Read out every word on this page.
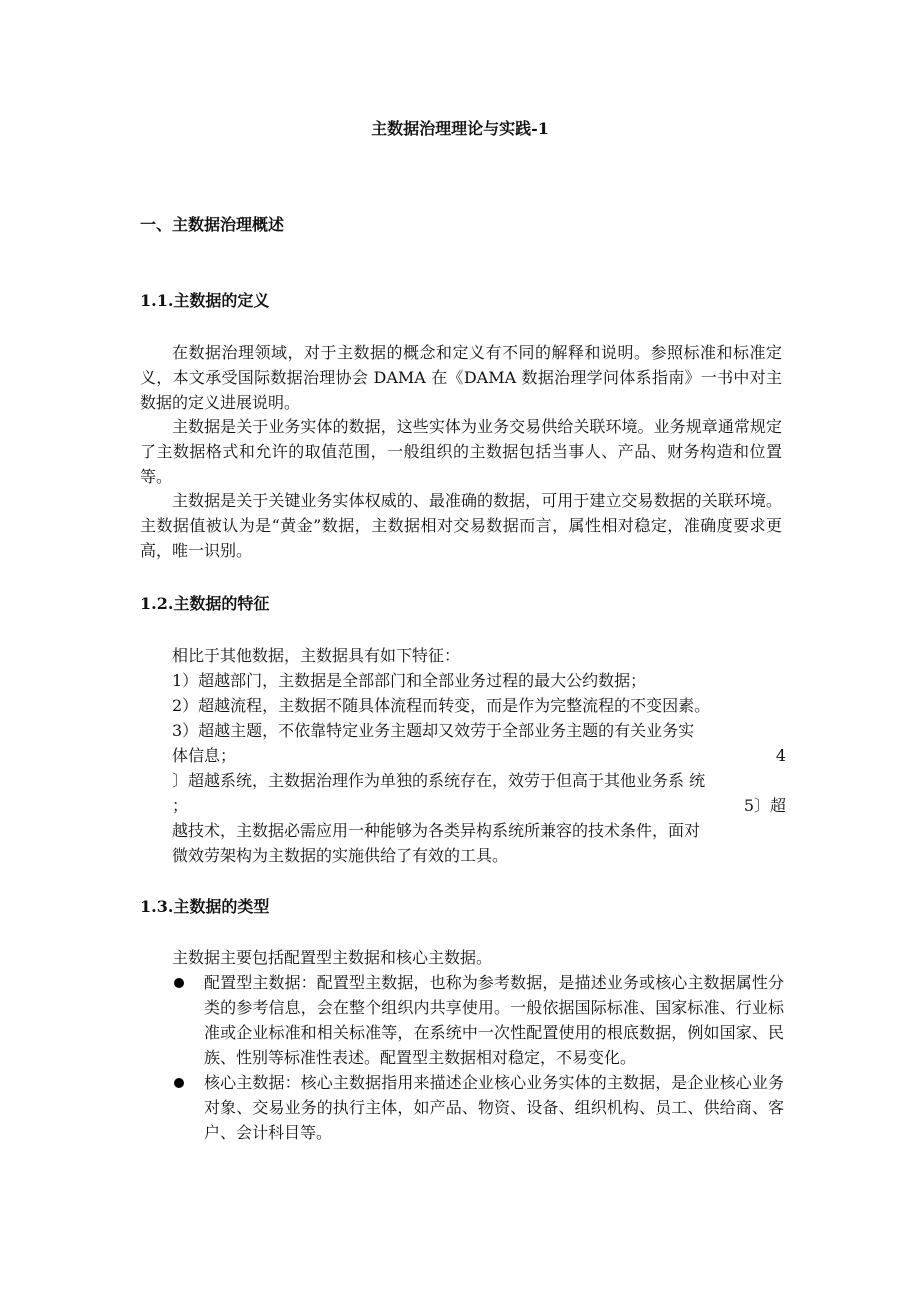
主数据治理理论与实践-1
一、主数据治理概述
1.1.主数据的定义

在数据治理领域，对于主数据的概念和定义有不同的解释和说明。参照标准和标准定义，本文承受国际数据治理协会 DAMA 在《DAMA 数据治理学问体系指南》一书中对主数据的定义进展说明。

主数据是关于业务实体的数据，这些实体为业务交易供给关联环境。业务规章通常规定了主数据格式和允许的取值范围，一般组织的主数据包括当事人、产品、财务构造和位置等。

主数据是关于关键业务实体权威的、最准确的数据，可用于建立交易数据的关联环境。主数据值被认为是“黄金”数据，主数据相对交易数据而言，属性相对稳定，准确度要求更高，唯一识别。

1.2.主数据的特征

相比于其他数据，主数据具有如下特征：

1）超越部门，主数据是全部部门和全部业务过程的最大公约数据；

2）超越流程，主数据不随具体流程而转变，而是作为完整流程的不变因素。

3）超越主题，不依靠特定业务主题却又效劳于全部业务主题的有关业务实

体信息；	4

〕超越系统，主数据治理作为单独的系统存在，效劳于但高于其他业务系 统

；	5〕超

越技术，主数据必需应用一种能够为各类异构系统所兼容的技术条件，面对

微效劳架构为主数据的实施供给了有效的工具。

1.3.主数据的类型

主数据主要包括配置型主数据和核心主数据。

配置型主数据：配置型主数据，也称为参考数据，是描述业务或核心主数据属性分类的参考信息，会在整个组织内共享使用。一般依据国际标准、国家标准、行业标准或企业标准和相关标准等，在系统中一次性配置使用的根底数据，例如国家、民族、性别等标准性表述。配置型主数据相对稳定，不易变化。
核心主数据：核心主数据指用来描述企业核心业务实体的主数据，是企业核心业务对象、交易业务的执行主体，如产品、物资、设备、组织机构、员工、供给商、客户、会计科目等。
